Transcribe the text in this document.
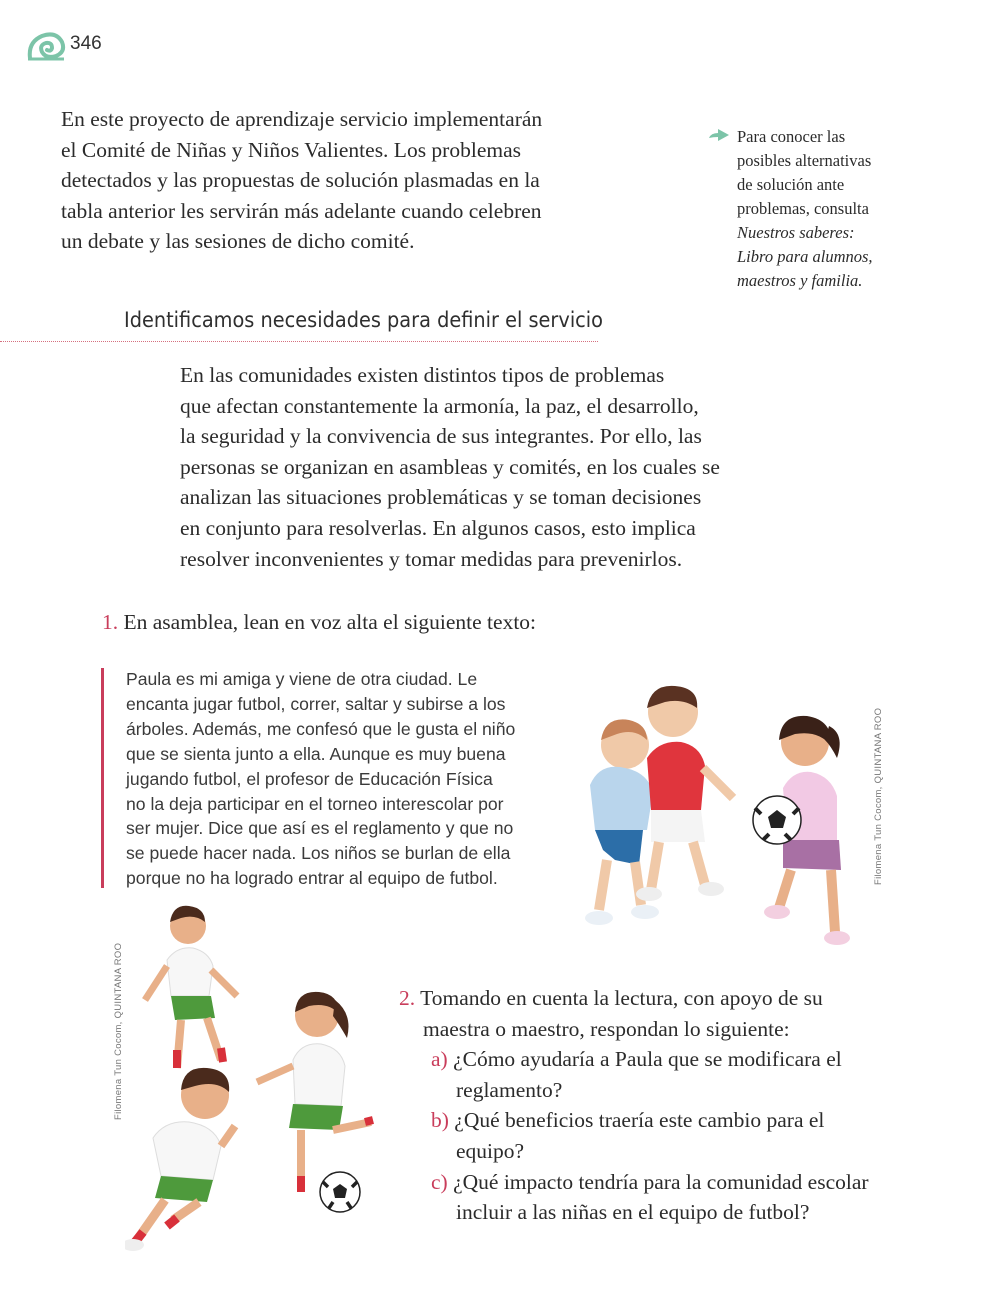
346
En este proyecto de aprendizaje servicio implementarán
el Comité de Niñas y Niños Valientes. Los problemas
detectados y las propuestas de solución plasmadas en la
tabla anterior les servirán más adelante cuando celebren
un debate y las sesiones de dicho comité.
Para conocer las
posibles alternativas
de solución ante
problemas, consulta
Nuestros saberes:
Libro para alumnos,
maestros y familia.
Identificamos necesidades para definir el servicio
En las comunidades existen distintos tipos de problemas
que afectan constantemente la armonía, la paz, el desarrollo,
la seguridad y la convivencia de sus integrantes. Por ello, las
personas se organizan en asambleas y comités, en los cuales se
analizan las situaciones problemáticas y se toman decisiones
en conjunto para resolverlas. En algunos casos, esto implica
resolver inconvenientes y tomar medidas para prevenirlos.
1. En asamblea, lean en voz alta el siguiente texto:
Paula es mi amiga y viene de otra ciudad. Le
encanta jugar futbol, correr, saltar y subirse a los
árboles. Además, me confesó que le gusta el niño
que se sienta junto a ella. Aunque es muy buena
jugando futbol, el profesor de Educación Física
no la deja participar en el torneo interescolar por
ser mujer. Dice que así es el reglamento y que no
se puede hacer nada. Los niños se burlan de ella
porque no ha logrado entrar al equipo de futbol.	Filomena Tun Cocom, QUINTANA ROO
Filomena Tun Cocom, QUINTANA ROO	2. Tomando en cuenta la lectura, con apoyo de su
maestra o maestro, respondan lo siguiente:
a) ¿Cómo ayudaría a Paula que se modificara el
reglamento?
b) ¿Qué beneficios traería este cambio para el
equipo?
c) ¿Qué impacto tendría para la comunidad escolar
incluir a las niñas en el equipo de futbol?
